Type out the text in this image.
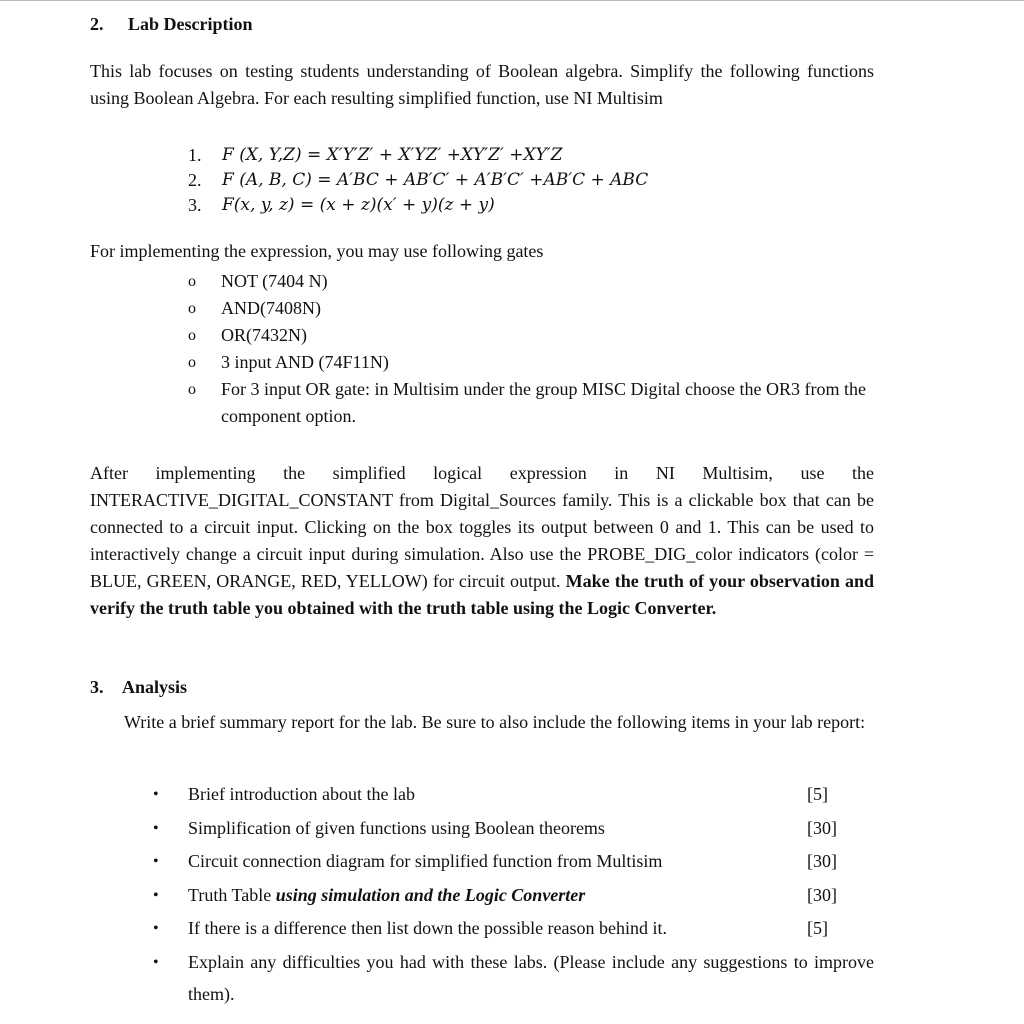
2. Lab Description
This lab focuses on testing students understanding of Boolean algebra. Simplify the following functions using Boolean Algebra. For each resulting simplified function, use NI Multisim
1.	F (X, Y,Z) = X′Y′Z′ + X′YZ′ +XY′Z′ +XY′Z
2.	F (A, B, C) = A′BC + AB′C′ + A′B′C′ +AB′C + ABC
3.	F(x, y, z) = (x + z)(x′ + y)(z + y)
For implementing the expression, you may use following gates
o NOT (7404 N)
o AND(7408N)
o OR(7432N)
o 3 input AND (74F11N)
o For 3 input OR gate: in Multisim under the group MISC Digital choose the OR3 from the component option.
After implementing the simplified logical expression in NI Multisim, use the INTERACTIVE_DIGITAL_CONSTANT from Digital_Sources family. This is a clickable box that can be connected to a circuit input. Clicking on the box toggles its output between 0 and 1. This can be used to interactively change a circuit input during simulation. Also use the PROBE_DIG_color indicators (color = BLUE, GREEN, ORANGE, RED, YELLOW) for circuit output. Make the truth of your observation and verify the truth table you obtained with the truth table using the Logic Converter.
3. Analysis
Write a brief summary report for the lab. Be sure to also include the following items in your lab report:
• Brief introduction about the lab	[5]
• Simplification of given functions using Boolean theorems	[30]
• Circuit connection diagram for simplified function from Multisim	[30]
• Truth Table using simulation and the Logic Converter	[30]
• If there is a difference then list down the possible reason behind it.	[5]
• Explain any difficulties you had with these labs. (Please include any suggestions to improve them).
